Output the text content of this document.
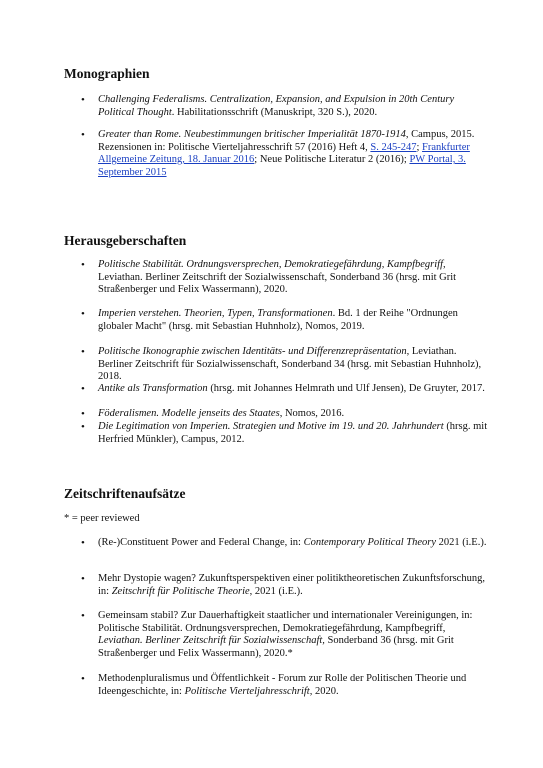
Monographien
• Challenging Federalisms. Centralization, Expansion, and Expulsion in 20th Century Political Thought. Habilitationsschrift (Manuskript, 320 S.), 2020.
• Greater than Rome. Neubestimmungen britischer Imperialität 1870-1914, Campus, 2015.
Rezensionen in: Politische Vierteljahresschrift 57 (2016) Heft 4, S. 245-247; Frankfurter Allgemeine Zeitung, 18. Januar 2016; Neue Politische Literatur 2 (2016); PW Portal, 3. September 2015
Herausgeberschaften
• Politische Stabilität. Ordnungsversprechen, Demokratiegefährdung, Kampfbegriff, Leviathan. Berliner Zeitschrift der Sozialwissenschaft, Sonderband 36 (hrsg. mit Grit Straßenberger und Felix Wassermann), 2020.
• Imperien verstehen. Theorien, Typen, Transformationen. Bd. 1 der Reihe "Ordnungen globaler Macht" (hrsg. mit Sebastian Huhnholz), Nomos, 2019.
• Politische Ikonographie zwischen Identitäts- und Differenzrepräsentation, Leviathan. Berliner Zeitschrift für Sozialwissenschaft, Sonderband 34 (hrsg. mit Sebastian Huhnholz), 2018.
• Antike als Transformation (hrsg. mit Johannes Helmrath und Ulf Jensen), De Gruyter, 2017.
• Föderalismen. Modelle jenseits des Staates, Nomos, 2016.
• Die Legitimation von Imperien. Strategien und Motive im 19. und 20. Jahrhundert (hrsg. mit Herfried Münkler), Campus, 2012.
Zeitschriftenaufsätze
* = peer reviewed
• (Re-)Constituent Power and Federal Change, in: Contemporary Political Theory 2021 (i.E.).
• Mehr Dystopie wagen? Zukunftsperspektiven einer politiktheoretischen Zukunftsforschung, in: Zeitschrift für Politische Theorie, 2021 (i.E.).
• Gemeinsam stabil? Zur Dauerhaftigkeit staatlicher und internationaler Vereinigungen, in: Politische Stabilität. Ordnungsversprechen, Demokratiegefährdung, Kampfbegriff, Leviathan. Berliner Zeitschrift für Sozialwissenschaft, Sonderband 36 (hrsg. mit Grit Straßenberger und Felix Wassermann), 2020.*
• Methodenpluralismus und Öffentlichkeit - Forum zur Rolle der Politischen Theorie und Ideengeschichte, in: Politische Vierteljahresschrift, 2020.
